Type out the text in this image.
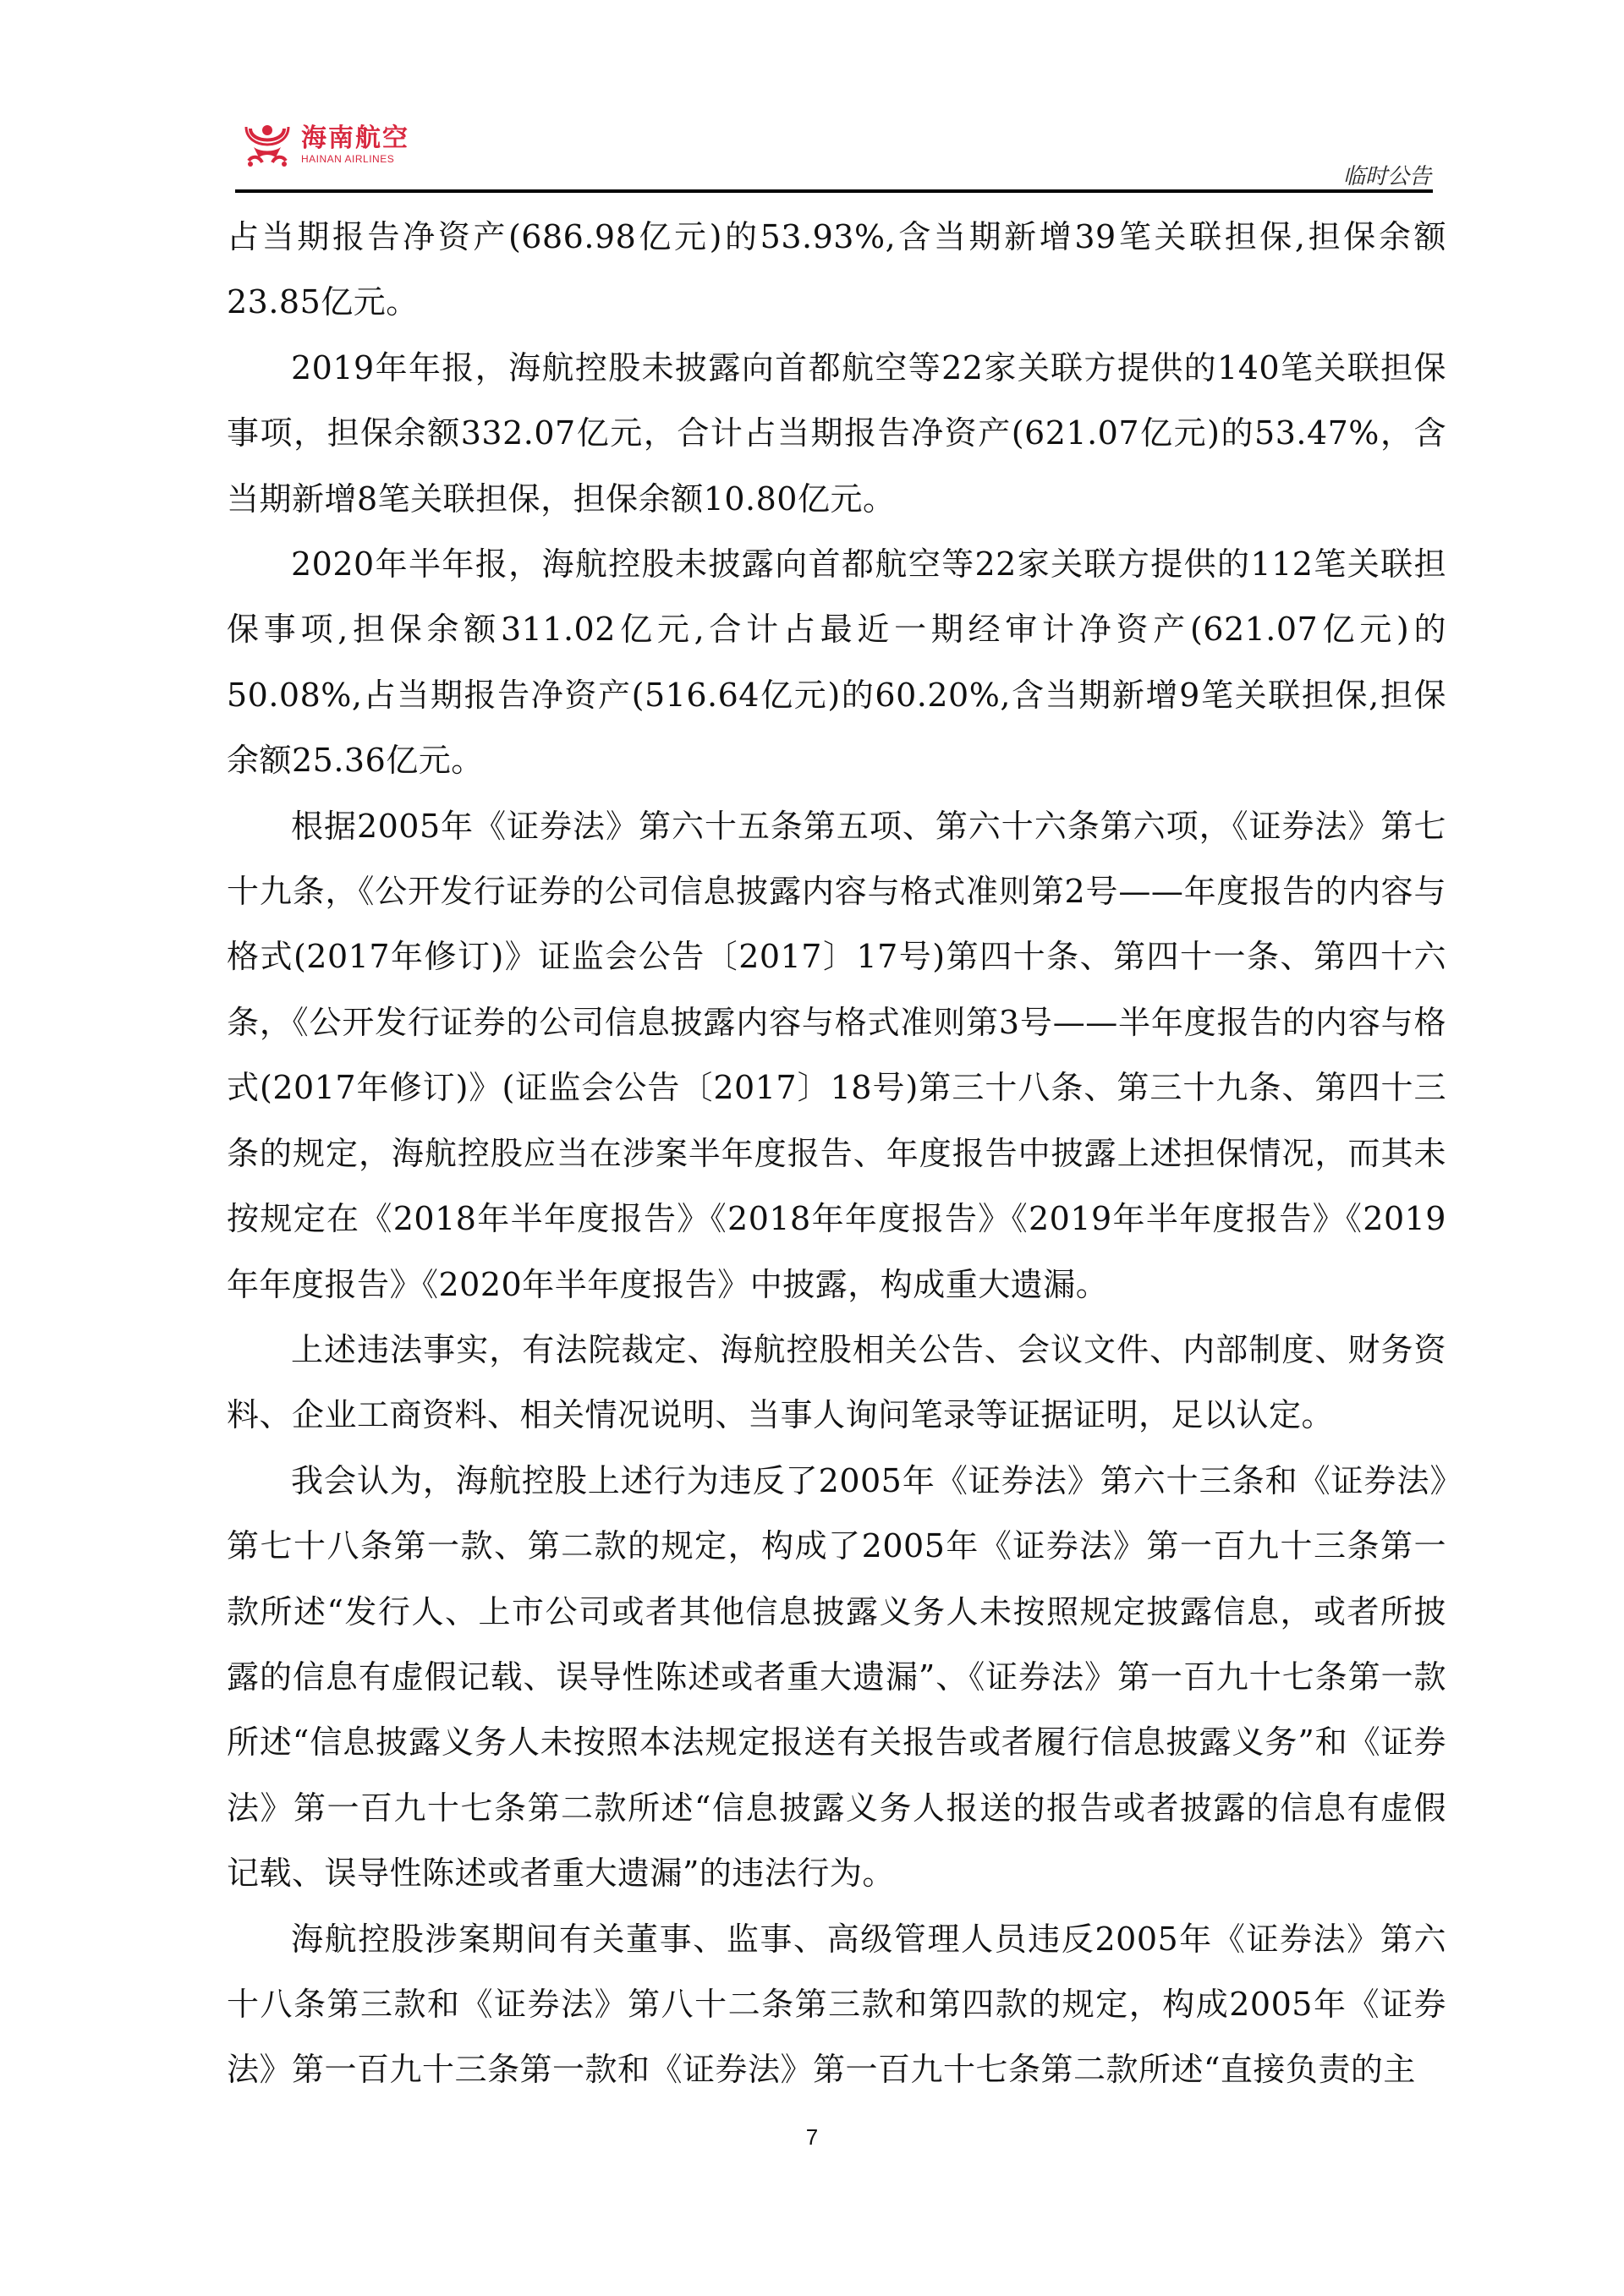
海南航空
HAINAN AIRLINES
临时公告

占当期报告净资产(686.98亿元)的53.93%,含当期新增39笔关联担保,担保余额23.85亿元。

2019年年报，海航控股未披露向首都航空等22家关联方提供的140笔关联担保事项，担保余额332.07亿元，合计占当期报告净资产(621.07亿元)的53.47%，含当期新增8笔关联担保，担保余额10.80亿元。

2020年半年报，海航控股未披露向首都航空等22家关联方提供的112笔关联担保事项,担保余额311.02亿元,合计占最近一期经审计净资产(621.07亿元)的50.08%,占当期报告净资产(516.64亿元)的60.20%,含当期新增9笔关联担保,担保余额25.36亿元。

根据2005年《证券法》第六十五条第五项、第六十六条第六项，《证券法》第七十九条，《公开发行证券的公司信息披露内容与格式准则第2号——年度报告的内容与格式(2017年修订)》证监会公告〔2017〕17号)第四十条、第四十一条、第四十六条，《公开发行证券的公司信息披露内容与格式准则第3号——半年度报告的内容与格式(2017年修订)》(证监会公告〔2017〕18号)第三十八条、第三十九条、第四十三条的规定，海航控股应当在涉案半年度报告、年度报告中披露上述担保情况，而其未按规定在《2018年半年度报告》《2018年年度报告》《2019年半年度报告》《2019年年度报告》《2020年半年度报告》中披露，构成重大遗漏。

上述违法事实，有法院裁定、海航控股相关公告、会议文件、内部制度、财务资料、企业工商资料、相关情况说明、当事人询问笔录等证据证明，足以认定。

我会认为，海航控股上述行为违反了2005年《证券法》第六十三条和《证券法》第七十八条第一款、第二款的规定，构成了2005年《证券法》第一百九十三条第一款所述“发行人、上市公司或者其他信息披露义务人未按照规定披露信息，或者所披露的信息有虚假记载、误导性陈述或者重大遗漏”、《证券法》第一百九十七条第一款所述“信息披露义务人未按照本法规定报送有关报告或者履行信息披露义务”和《证券法》第一百九十七条第二款所述“信息披露义务人报送的报告或者披露的信息有虚假记载、误导性陈述或者重大遗漏”的违法行为。

海航控股涉案期间有关董事、监事、高级管理人员违反2005年《证券法》第六十八条第三款和《证券法》第八十二条第三款和第四款的规定，构成2005年《证券法》第一百九十三条第一款和《证券法》第一百九十七条第二款所述“直接负责的主

7
